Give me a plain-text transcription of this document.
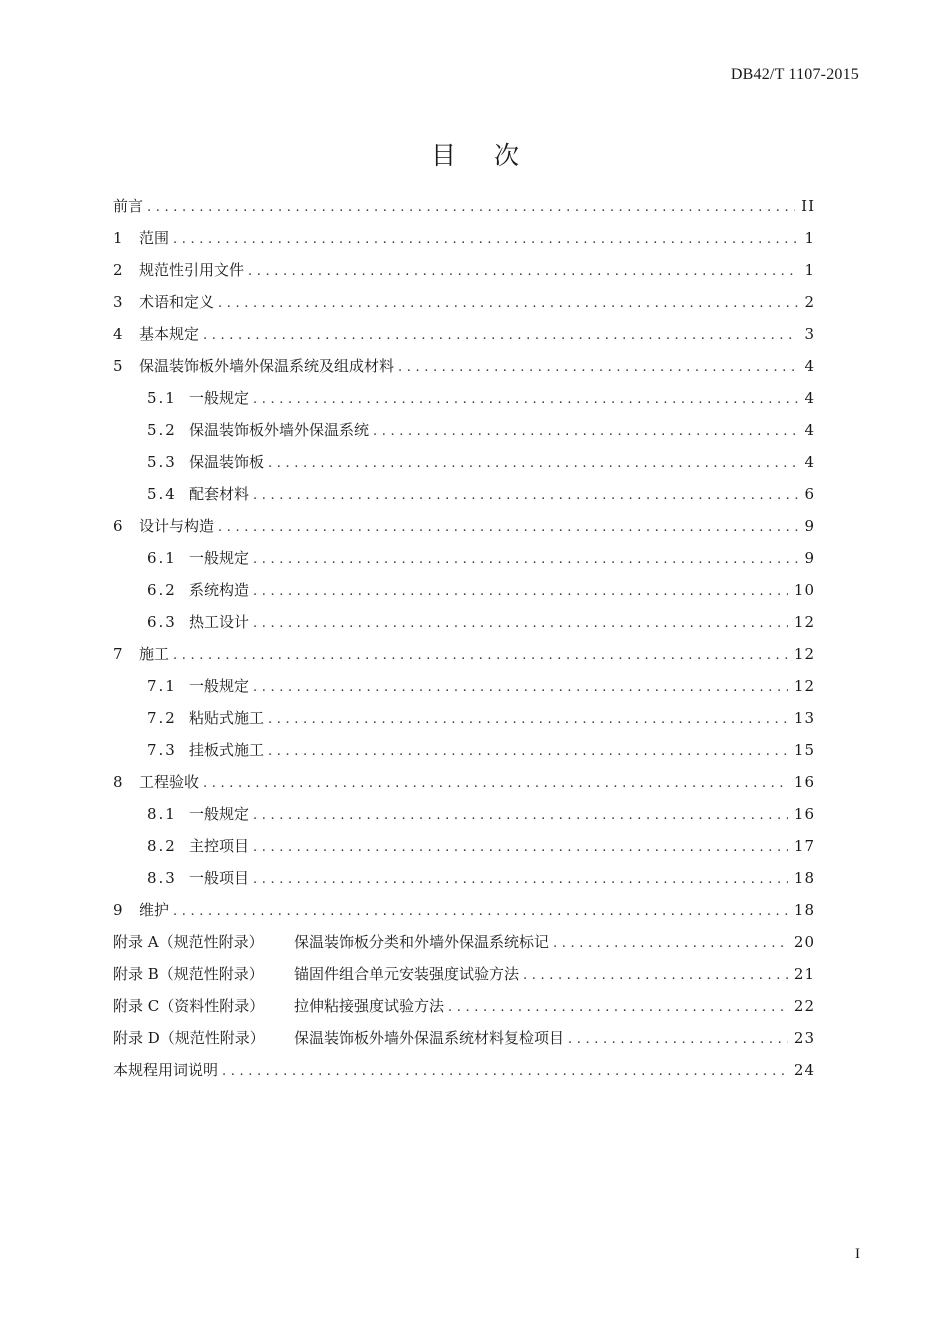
DB42/T 1107-2015
目次
前言 .....	II
1	范围 .....	1
2	规范性引用文件 .....	1
3	术语和定义 .....	2
4	基本规定 .....	3
5	保温装饰板外墙外保温系统及组成材料 .....	4
5.1 一般规定 .....	4
5.2 保温装饰板外墙外保温系统 .....	4
5.3 保温装饰板 .....	4
5.4 配套材料 .....	6
6	设计与构造 .....	9
6.1 一般规定 .....	9
6.2 系统构造 .....	10
6.3 热工设计 .....	12
7	施工 .....	12
7.1 一般规定 .....	12
7.2 粘贴式施工 .....	13
7.3 挂板式施工 .....	15
8	工程验收 .....	16
8.1 一般规定 .....	16
8.2 主控项目 .....	17
8.3 一般项目 .....	18
9	维护 .....	18
附录 A（规范性附录）	保温装饰板分类和外墙外保温系统标记 .....	20
附录 B（规范性附录）	锚固件组合单元安装强度试验方法 .....	21
附录 C（资料性附录）	拉伸粘接强度试验方法 .....	22
附录 D（规范性附录）	保温装饰板外墙外保温系统材料复检项目 .....	23
本规程用词说明 .....	24
I
